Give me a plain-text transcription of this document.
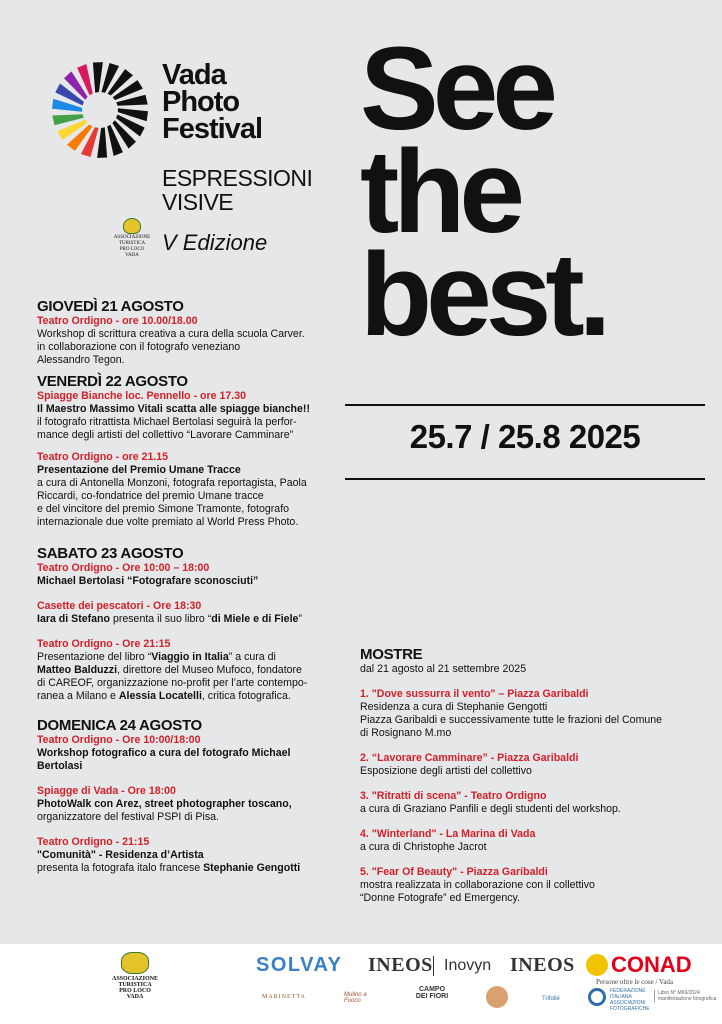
Vada
Photo
Festival
ESPRESSIONI
VISIVE
V Edizione
ASSOCIAZIONE
TURISTICA
PRO LOCO
VADA
See
the
best.
25.7 / 25.8 2025
GIOVEDÌ 21 AGOSTO
Teatro Ordigno - ore 10.00/18.00
Workshop di scrittura creativa a cura della scuola Carver.
in collaborazione con il fotografo veneziano
Alessandro Tegon.
VENERDÌ 22 AGOSTO
Spiagge Bianche loc. Pennello - ore 17.30
Il Maestro Massimo Vitali scatta alle spiagge bianche!!
il fotografo ritrattista Michael Bertolasi seguirà la perfor-
mance degli artisti del collettivo “Lavorare Camminare”
Teatro Ordigno - ore 21.15
Presentazione del Premio Umane Tracce
a cura di Antonella Monzoni, fotografa reportagista, Paola
Riccardi, co-fondatrice del premio Umane tracce
e del vincitore del premio Simone Tramonte, fotografo
internazionale due volte premiato al World Press Photo.
SABATO 23 AGOSTO
Teatro Ordigno - Ore 10:00 – 18:00
Michael Bertolasi “Fotografare sconosciuti”
Casette dei pescatori - Ore 18:30
Iara di Stefano presenta il suo libro “di Miele e di Fiele”
Teatro Ordigno - Ore 21:15
Presentazione del libro “Viaggio in Italia” a cura di
Matteo Balduzzi, direttore del Museo Mufoco, fondatore
di CAREOF, organizzazione no-profit per l’arte contempo-
ranea a Milano e Alessia Locatelli, critica fotografica.
DOMENICA 24 AGOSTO
Teatro Ordigno - Ore 10:00/18:00
Workshop fotografico a cura del fotografo Michael
Bertolasi
Spiagge di Vada - Ore 18:00
PhotoWalk con Arez, street photographer toscano,
organizzatore del festival PSPI di Pisa.
Teatro Ordigno - 21:15
"Comunità" - Residenza d’Artista
presenta la fotografa italo francese Stephanie Gengotti
MOSTRE
dal 21 agosto al 21 settembre 2025
1. "Dove sussurra il vento" – Piazza Garibaldi
Residenza a cura di Stephanie Gengotti
Piazza Garibaldi e successivamente tutte le frazioni del Comune
di Rosignano M.mo
2. “Lavorare Camminare” - Piazza Garibaldi
Esposizione degli artisti del collettivo
3. "Ritratti di scena" - Teatro Ordigno
a cura di Graziano Panfili e degli studenti del workshop.
4. "Winterland" - La Marina di Vada
a cura di Christophe Jacrot
5. "Fear Of Beauty" - Piazza Garibaldi
mostra realizzata in collaborazione con il collettivo
“Donne Fotografe” ed Emergency.
ASSOCIAZIONE
TURISTICA
PRO LOCO
VADA
SOLVAY INEOS Inovyn INEOS CONAD
Persone oltre le cose / Vada
MARINETTA	Mulino a Fuoco
CAMPO DEI FIORI	Trifolié
FEDERAZIONE
ITALIANA
ASSOCIAZIONI
FOTOGRAFICHE
Libro N° M69/2024
manifestazione fotografica
